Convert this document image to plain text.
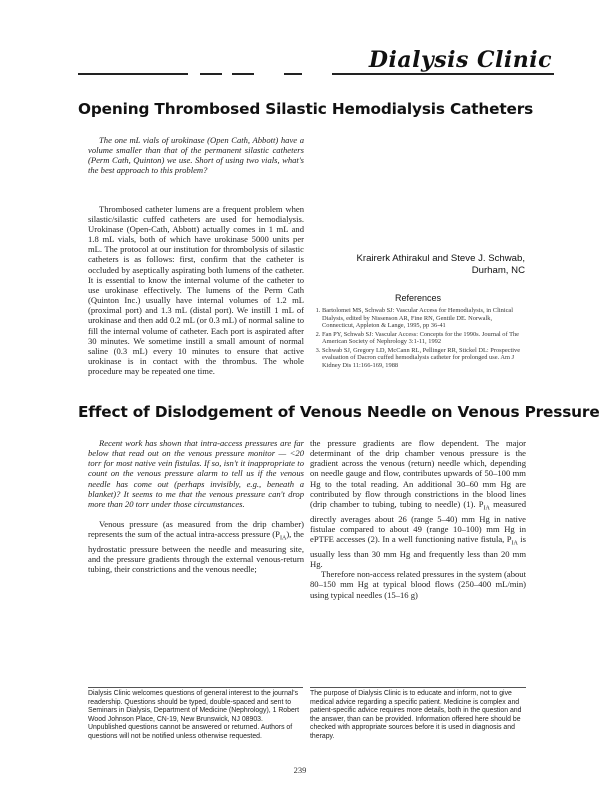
Dialysis Clinic
Opening Thrombosed Silastic Hemodialysis Catheters

The one mL vials of urokinase (Open Cath, Abbott) have a volume smaller than that of the permanent silastic catheters (Perm Cath, Quinton) we use. Short of using two vials, what's the best approach to this problem?

Thrombosed catheter lumens are a frequent problem when silastic/silastic cuffed catheters are used for hemodialysis. Urokinase (Open-Cath, Abbott) actually comes in 1 mL and 1.8 mL vials, both of which have urokinase 5000 units per mL. The protocol at our institution for thrombolysis of silastic catheters is as follows: first, confirm that the catheter is occluded by aseptically aspirating both lumens of the catheter. It is essential to know the internal volume of the catheter to use urokinase effectively. The lumens of the Perm Cath (Quinton Inc.) usually have internal volumes of 1.2 mL (proximal port) and 1.3 mL (distal port). We instill 1 mL of urokinase and then add 0.2 mL (or 0.3 mL) of normal saline to fill the internal volume of catheter. Each port is aspirated after 30 minutes. We sometime instill a small amount of normal saline (0.3 mL) every 10 minutes to ensure that active urokinase is in contact with the thrombus. The whole procedure may be repeated one time.

Krairerk Athirakul and Steve J. Schwab,
Durham, NC
References
1. Bartolomei MS, Schwab SJ: Vascular Access for Hemodialysis, in Clinical Dialysis, edited by Nissenson AR, Fine RN, Gentile DE. Norwalk, Connecticut, Appleton & Lange, 1995, pp 36-41
2. Fan PY, Schwab SJ: Vascular Access: Concepts for the 1990s. Journal of The American Society of Nephrology 3:1-11, 1992
3. Schwab SJ, Gregory LD, McCann RL, Pellinger RR, Stickel DL: Prospective evaluation of Dacron cuffed hemodialysis catheter for prolonged use. Am J Kidney Dis 11:166-169, 1988
Effect of Dislodgement of Venous Needle on Venous Pressure

Recent work has shown that intra-access pressures are far below that read out on the venous pressure monitor — <20 torr for most native vein fistulas. If so, isn't it inappropriate to count on the venous pressure alarm to tell us if the venous needle has come out (perhaps invisibly, e.g., beneath a blanket)? It seems to me that the venous pressure can't drop more than 20 torr under those circumstances.

Venous pressure (as measured from the drip chamber) represents the sum of the actual intra-access pressure $(P_{IA})$, the hydrostatic pressure between the needle and measuring site, and the pressure gradients through the external venous-return tubing, their constrictions and the venous needle;

the pressure gradients are flow dependent. The major determinant of the drip chamber venous pressure is the gradient across the venous (return) needle which, depending on needle gauge and flow, contributes upwards of 50–100 mm Hg to the total reading. An additional 30–60 mm Hg are contributed by flow through constrictions in the blood lines (drip chamber to tubing, tubing to needle) (1). $P_{IA}$ measured directly averages about 26 (range 5–40) mm Hg in native fistulae compared to about 49 (range 10–100) mm Hg in ePTFE accesses (2). In a well functioning native fistula, $P_{IA}$ is usually less than 30 mm Hg and frequently less than 20 mm Hg.

Therefore non-access related pressures in the system (about 80–150 mm Hg at typical blood flows (250–400 mL/min) using typical needles (15–16 g)

Dialysis Clinic welcomes questions of general interest to the journal's readership. Questions should be typed, double-spaced and sent to Seminars in Dialysis, Department of Medicine (Nephrology), 1 Robert Wood Johnson Place, CN-19, New Brunswick, NJ 08903. Unpublished questions cannot be answered or returned. Authors of questions will not be notified unless otherwise requested.
The purpose of Dialysis Clinic is to educate and inform, not to give medical advice regarding a specific patient. Medicine is complex and patient-specific advice requires more details, both in the question and the answer, than can be provided. Information offered here should be checked with appropriate sources before it is used in diagnosis and therapy.
239
